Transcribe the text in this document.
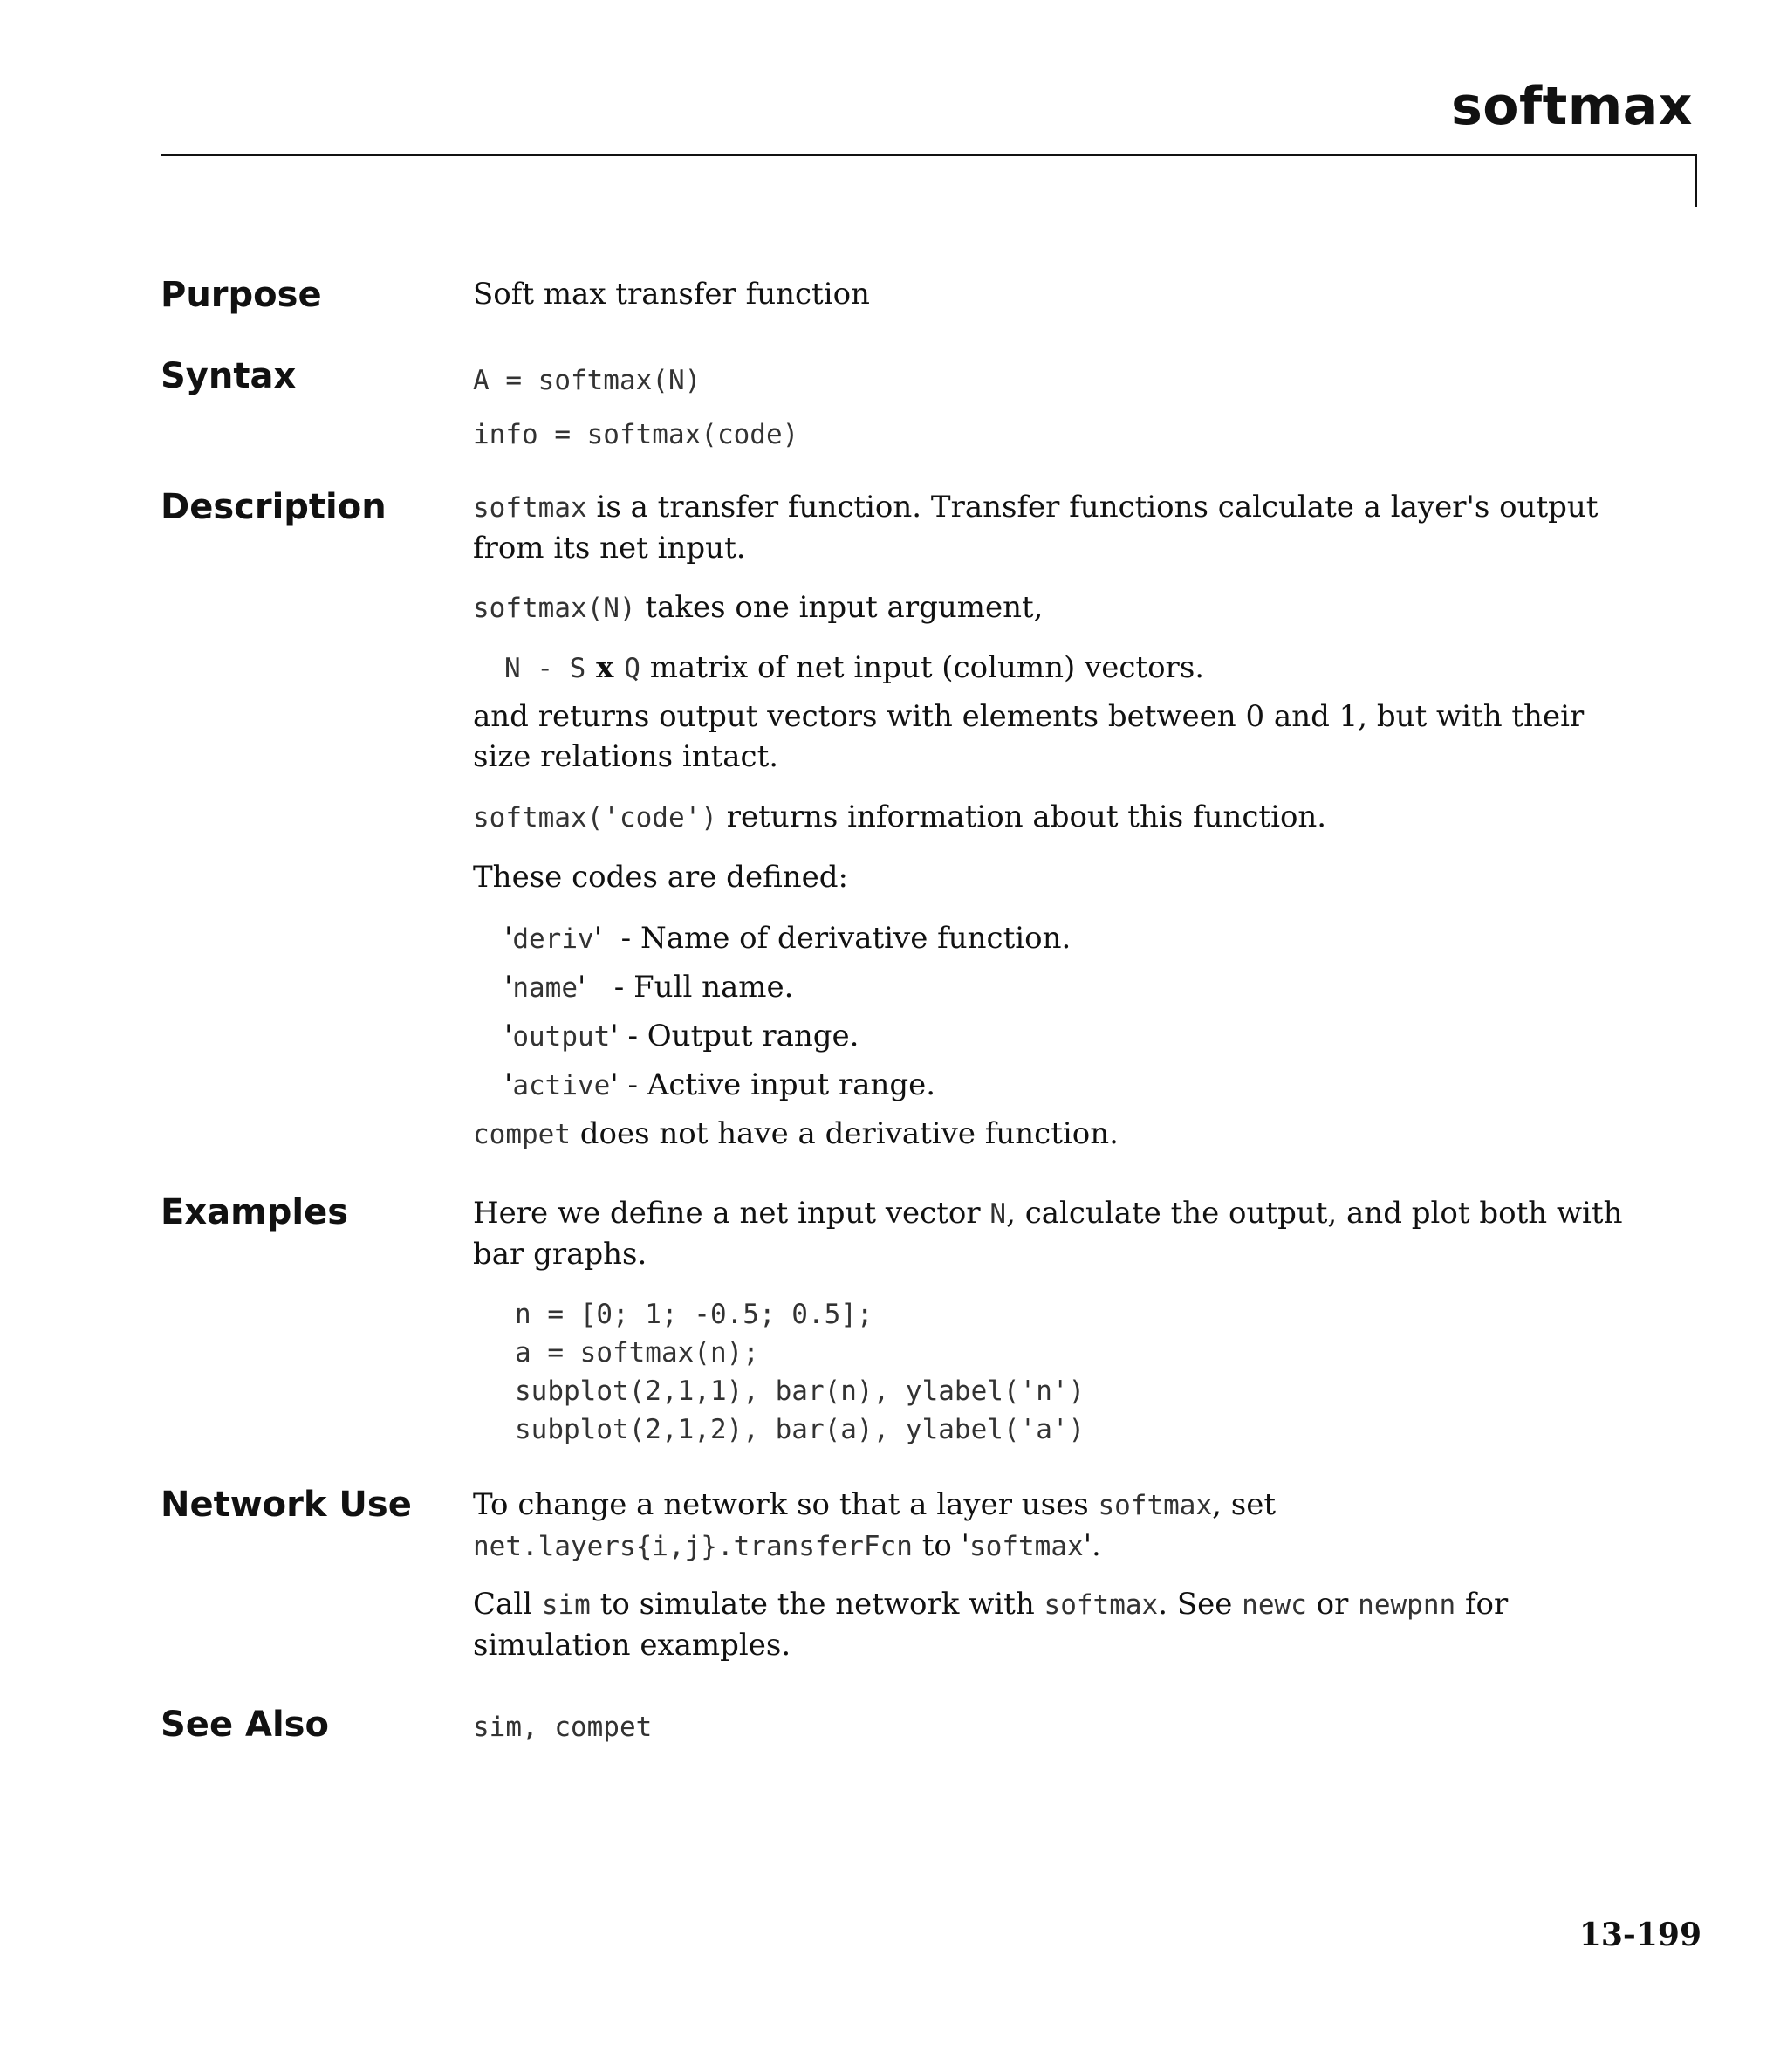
softmax
Purpose	Soft max transfer function

Syntax	A = softmax(N)

info = softmax(code)

Description	softmax is a transfer function. Transfer functions calculate a layer's output from its net input.

softmax(N) takes one input argument,

N - S x Q matrix of net input (column) vectors.

and returns output vectors with elements between 0 and 1, but with their size relations intact.

softmax('code') returns information about this function.

These codes are defined:

'deriv'  - Name of derivative function.

'name'   - Full name.

'output' - Output range.

'active' - Active input range.

compet does not have a derivative function.

Examples	Here we define a net input vector N, calculate the output, and plot both with bar graphs.

n = [0; 1; -0.5; 0.5];

a = softmax(n);

subplot(2,1,1), bar(n), ylabel('n')

subplot(2,1,2), bar(a), ylabel('a')

Network Use To change a network so that a layer uses softmax, set
net.layers{i,j}.transferFcn to 'softmax'.

Call sim to simulate the network with softmax. See newc or newpnn for simulation examples.

See Also	sim, compet

13-199
